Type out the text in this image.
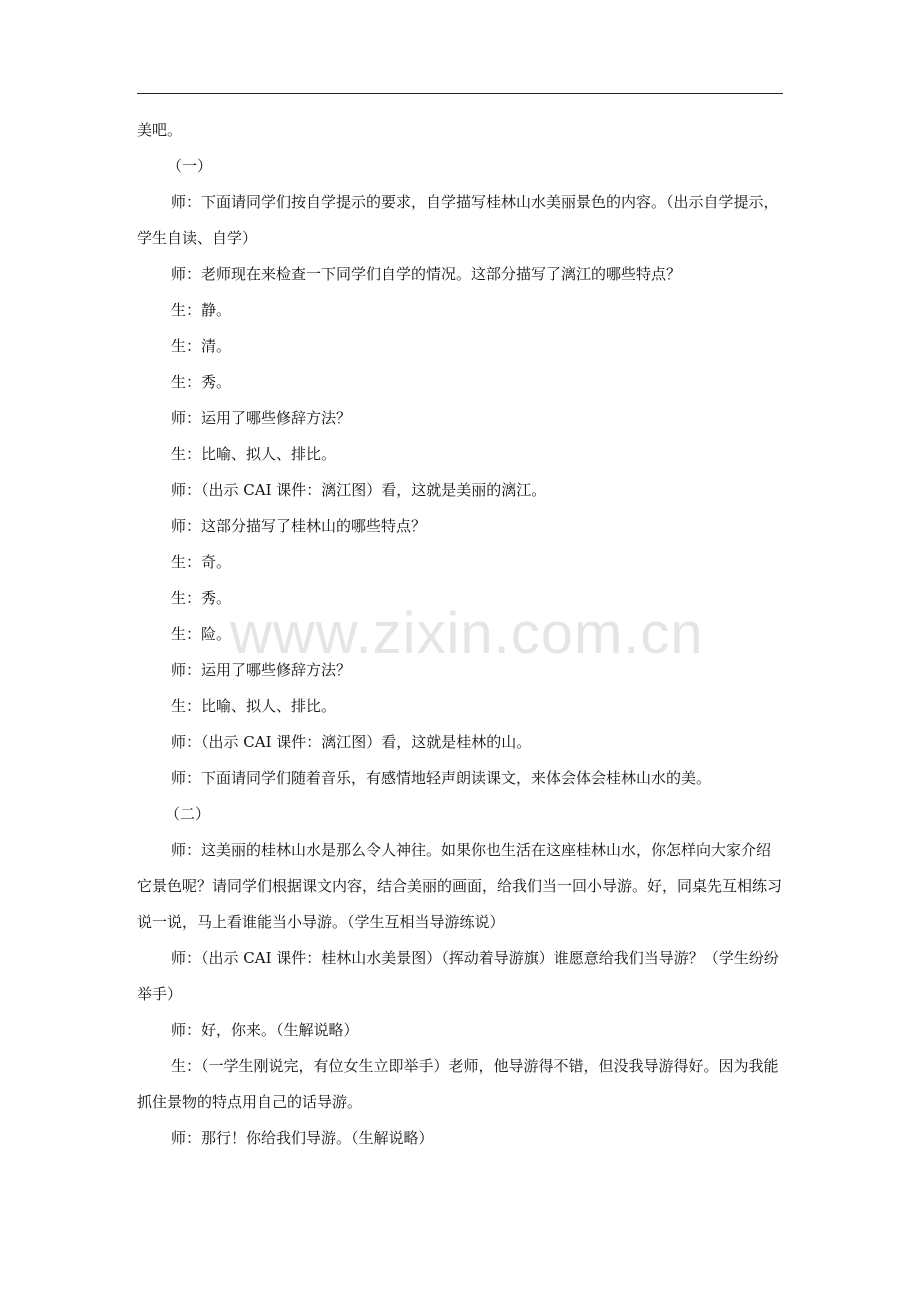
www.zixin.com.cn
美吧。
（一）
师：下面请同学们按自学提示的要求，自学描写桂林山水美丽景色的内容。（出示自学提示，学生自读、自学）
师：老师现在来检查一下同学们自学的情况。这部分描写了漓江的哪些特点？
生：静。
生：清。
生：秀。
师：运用了哪些修辞方法？
生：比喻、拟人、排比。
师：（出示 CAI 课件：漓江图）看，这就是美丽的漓江。
师：这部分描写了桂林山的哪些特点？
生：奇。
生：秀。
生：险。
师：运用了哪些修辞方法？
生：比喻、拟人、排比。
师：（出示 CAI 课件：漓江图）看，这就是桂林的山。
师：下面请同学们随着音乐，有感情地轻声朗读课文，来体会体会桂林山水的美。
（二）
师：这美丽的桂林山水是那么令人神往。如果你也生活在这座桂林山水，你怎样向大家介绍它景色呢？请同学们根据课文内容，结合美丽的画面，给我们当一回小导游。好，同桌先互相练习说一说，马上看谁能当小导游。（学生互相当导游练说）
师：（出示 CAI 课件：桂林山水美景图）（挥动着导游旗）谁愿意给我们当导游？（学生纷纷举手）
师：好，你来。（生解说略）
生：（一学生刚说完，有位女生立即举手）老师，他导游得不错，但没我导游得好。因为我能抓住景物的特点用自己的话导游。
师：那行！你给我们导游。（生解说略）
